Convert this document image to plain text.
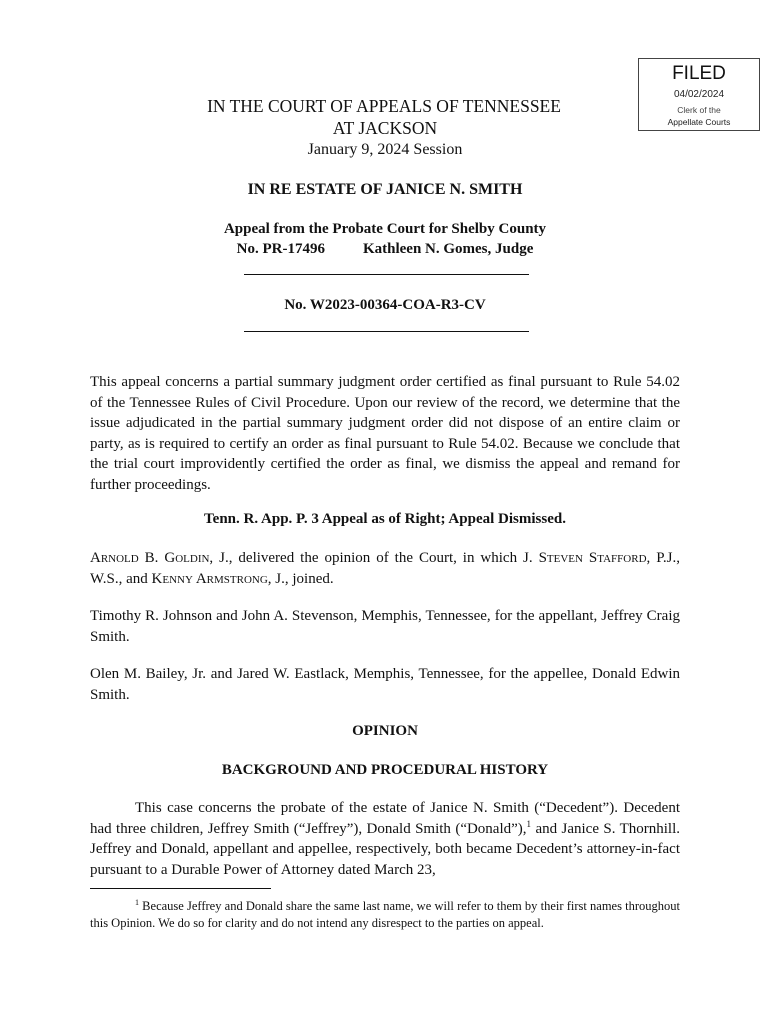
FILED
04/02/2024
Clerk of the
Appellate Courts
IN THE COURT OF APPEALS OF TENNESSEE
AT JACKSON
January 9, 2024 Session
IN RE ESTATE OF JANICE N. SMITH
Appeal from the Probate Court for Shelby County
No. PR-17496	Kathleen N. Gomes, Judge
No. W2023-00364-COA-R3-CV
This appeal concerns a partial summary judgment order certified as final pursuant to Rule 54.02 of the Tennessee Rules of Civil Procedure. Upon our review of the record, we determine that the issue adjudicated in the partial summary judgment order did not dispose of an entire claim or party, as is required to certify an order as final pursuant to Rule 54.02. Because we conclude that the trial court improvidently certified the order as final, we dismiss the appeal and remand for further proceedings.
Tenn. R. App. P. 3 Appeal as of Right; Appeal Dismissed.
Arnold B. Goldin, J., delivered the opinion of the Court, in which J. Steven Stafford, P.J., W.S., and Kenny Armstrong, J., joined.
Timothy R. Johnson and John A. Stevenson, Memphis, Tennessee, for the appellant, Jeffrey Craig Smith.
Olen M. Bailey, Jr. and Jared W. Eastlack, Memphis, Tennessee, for the appellee, Donald Edwin Smith.
OPINION
BACKGROUND AND PROCEDURAL HISTORY
This case concerns the probate of the estate of Janice N. Smith (“Decedent”). Decedent had three children, Jeffrey Smith (“Jeffrey”), Donald Smith (“Donald”),$^1$ and Janice S. Thornhill. Jeffrey and Donald, appellant and appellee, respectively, both became Decedent’s attorney-in-fact pursuant to a Durable Power of Attorney dated March 23,
$^1$ Because Jeffrey and Donald share the same last name, we will refer to them by their first names throughout this Opinion. We do so for clarity and do not intend any disrespect to the parties on appeal.
